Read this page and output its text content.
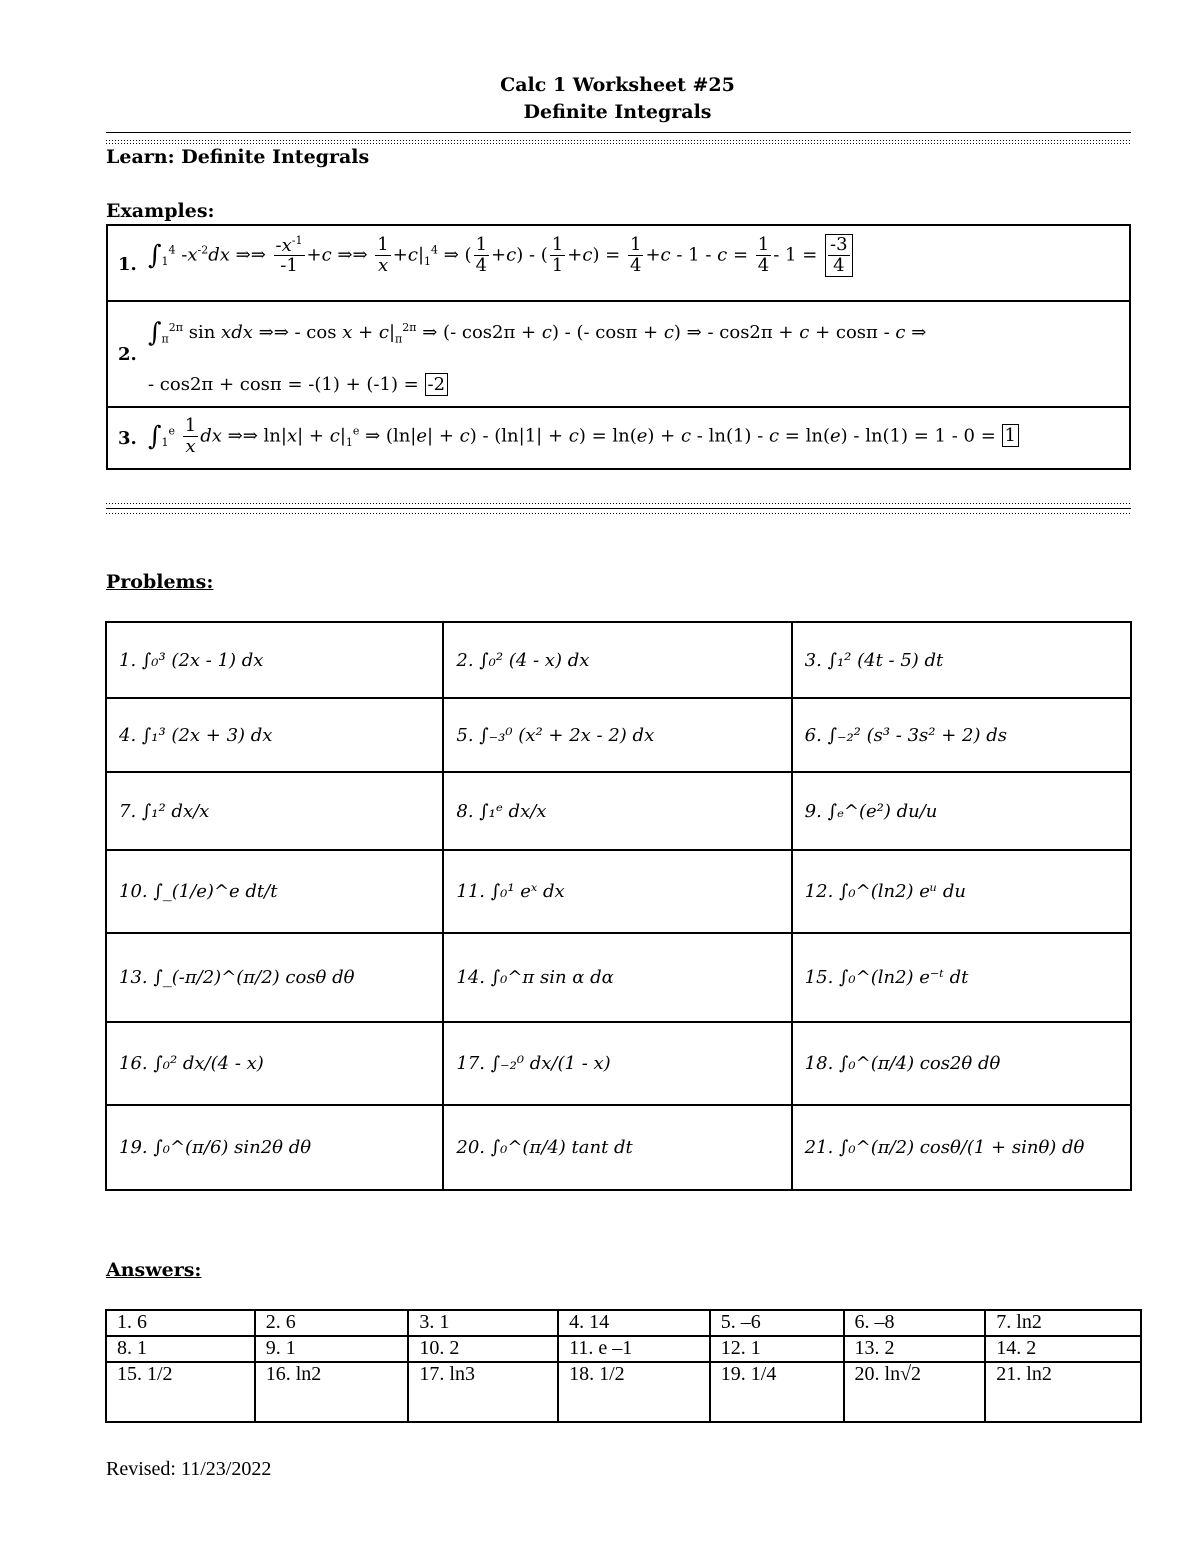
Calc 1 Worksheet #25
Definite Integrals
Learn: Definite Integrals
Examples:
1. $\int_1^4$ $-x^{-2}dx$ ⇒⇒ $\frac{-x^{-1}}{-1} +c$ ⇒⇒ $\frac{1}{x} +c|_1^4$ ⇒ ( $\frac{1}{4} +c$) - ( $\frac{1}{1} +c) = \frac{1}{4} +c - 1 - c = \frac{1}{4} - 1 = \frac{-3}{4}$
2.
$\int_\pi^{2\pi}$ sin xdx ⇒⇒ - $\cos x + c|_\pi^{2\pi}$ ⇒ (- cos2π + c) - (- cosπ + c) ⇒ - cos2π + c + cosπ - c ⇒
- cos2π + cosπ = -(1) + (-1) = -2
3. $\int_1^e \frac{1}{x}$ dx ⇒⇒ $\ln|x| + c|_1^e$ ⇒ (ln|e| + c) - (ln|1| + c) = ln(e) + c - ln(1) - c = ln(e) - ln(1) = 1 - 0 = 1
Problems:
1. ∫₀³ (2x - 1) dx	2. ∫₀² (4 - x) dx	3. ∫₁² (4t - 5) dt
4. ∫₁³ (2x + 3) dx	5. ∫₋₃⁰ (x² + 2x - 2) dx	6. ∫₋₂² (s³ - 3s² + 2) ds
7. ∫₁² dx/x	8. ∫₁ᵉ dx/x	9. ∫ₑ^(e²) du/u
10. ∫_(1/e)^e dt/t	11. ∫₀¹ eˣ dx	12. ∫₀^(ln2) eᵘ du
13. ∫_(-π/2)^(π/2) cosθ dθ	14. ∫₀^π sin α dα	15. ∫₀^(ln2) e⁻ᵗ dt
16. ∫₀² dx/(4 - x)	17. ∫₋₂⁰ dx/(1 - x)	18. ∫₀^(π/4) cos2θ dθ
19. ∫₀^(π/6) sin2θ dθ	20. ∫₀^(π/4) tant dt	21. ∫₀^(π/2) cosθ/(1 + sinθ) dθ
Answers:
1. 6	2. 6	3. 1	4. 14	5. –6	6. –8	7. ln2
8. 1	9. 1	10. 2	11. e –1	12. 1	13. 2	14. 2
15. 1/2	16. ln2	17. ln3	18. 1/2	19. 1/4	20. ln√2	21. ln2
Revised: 11/23/2022
